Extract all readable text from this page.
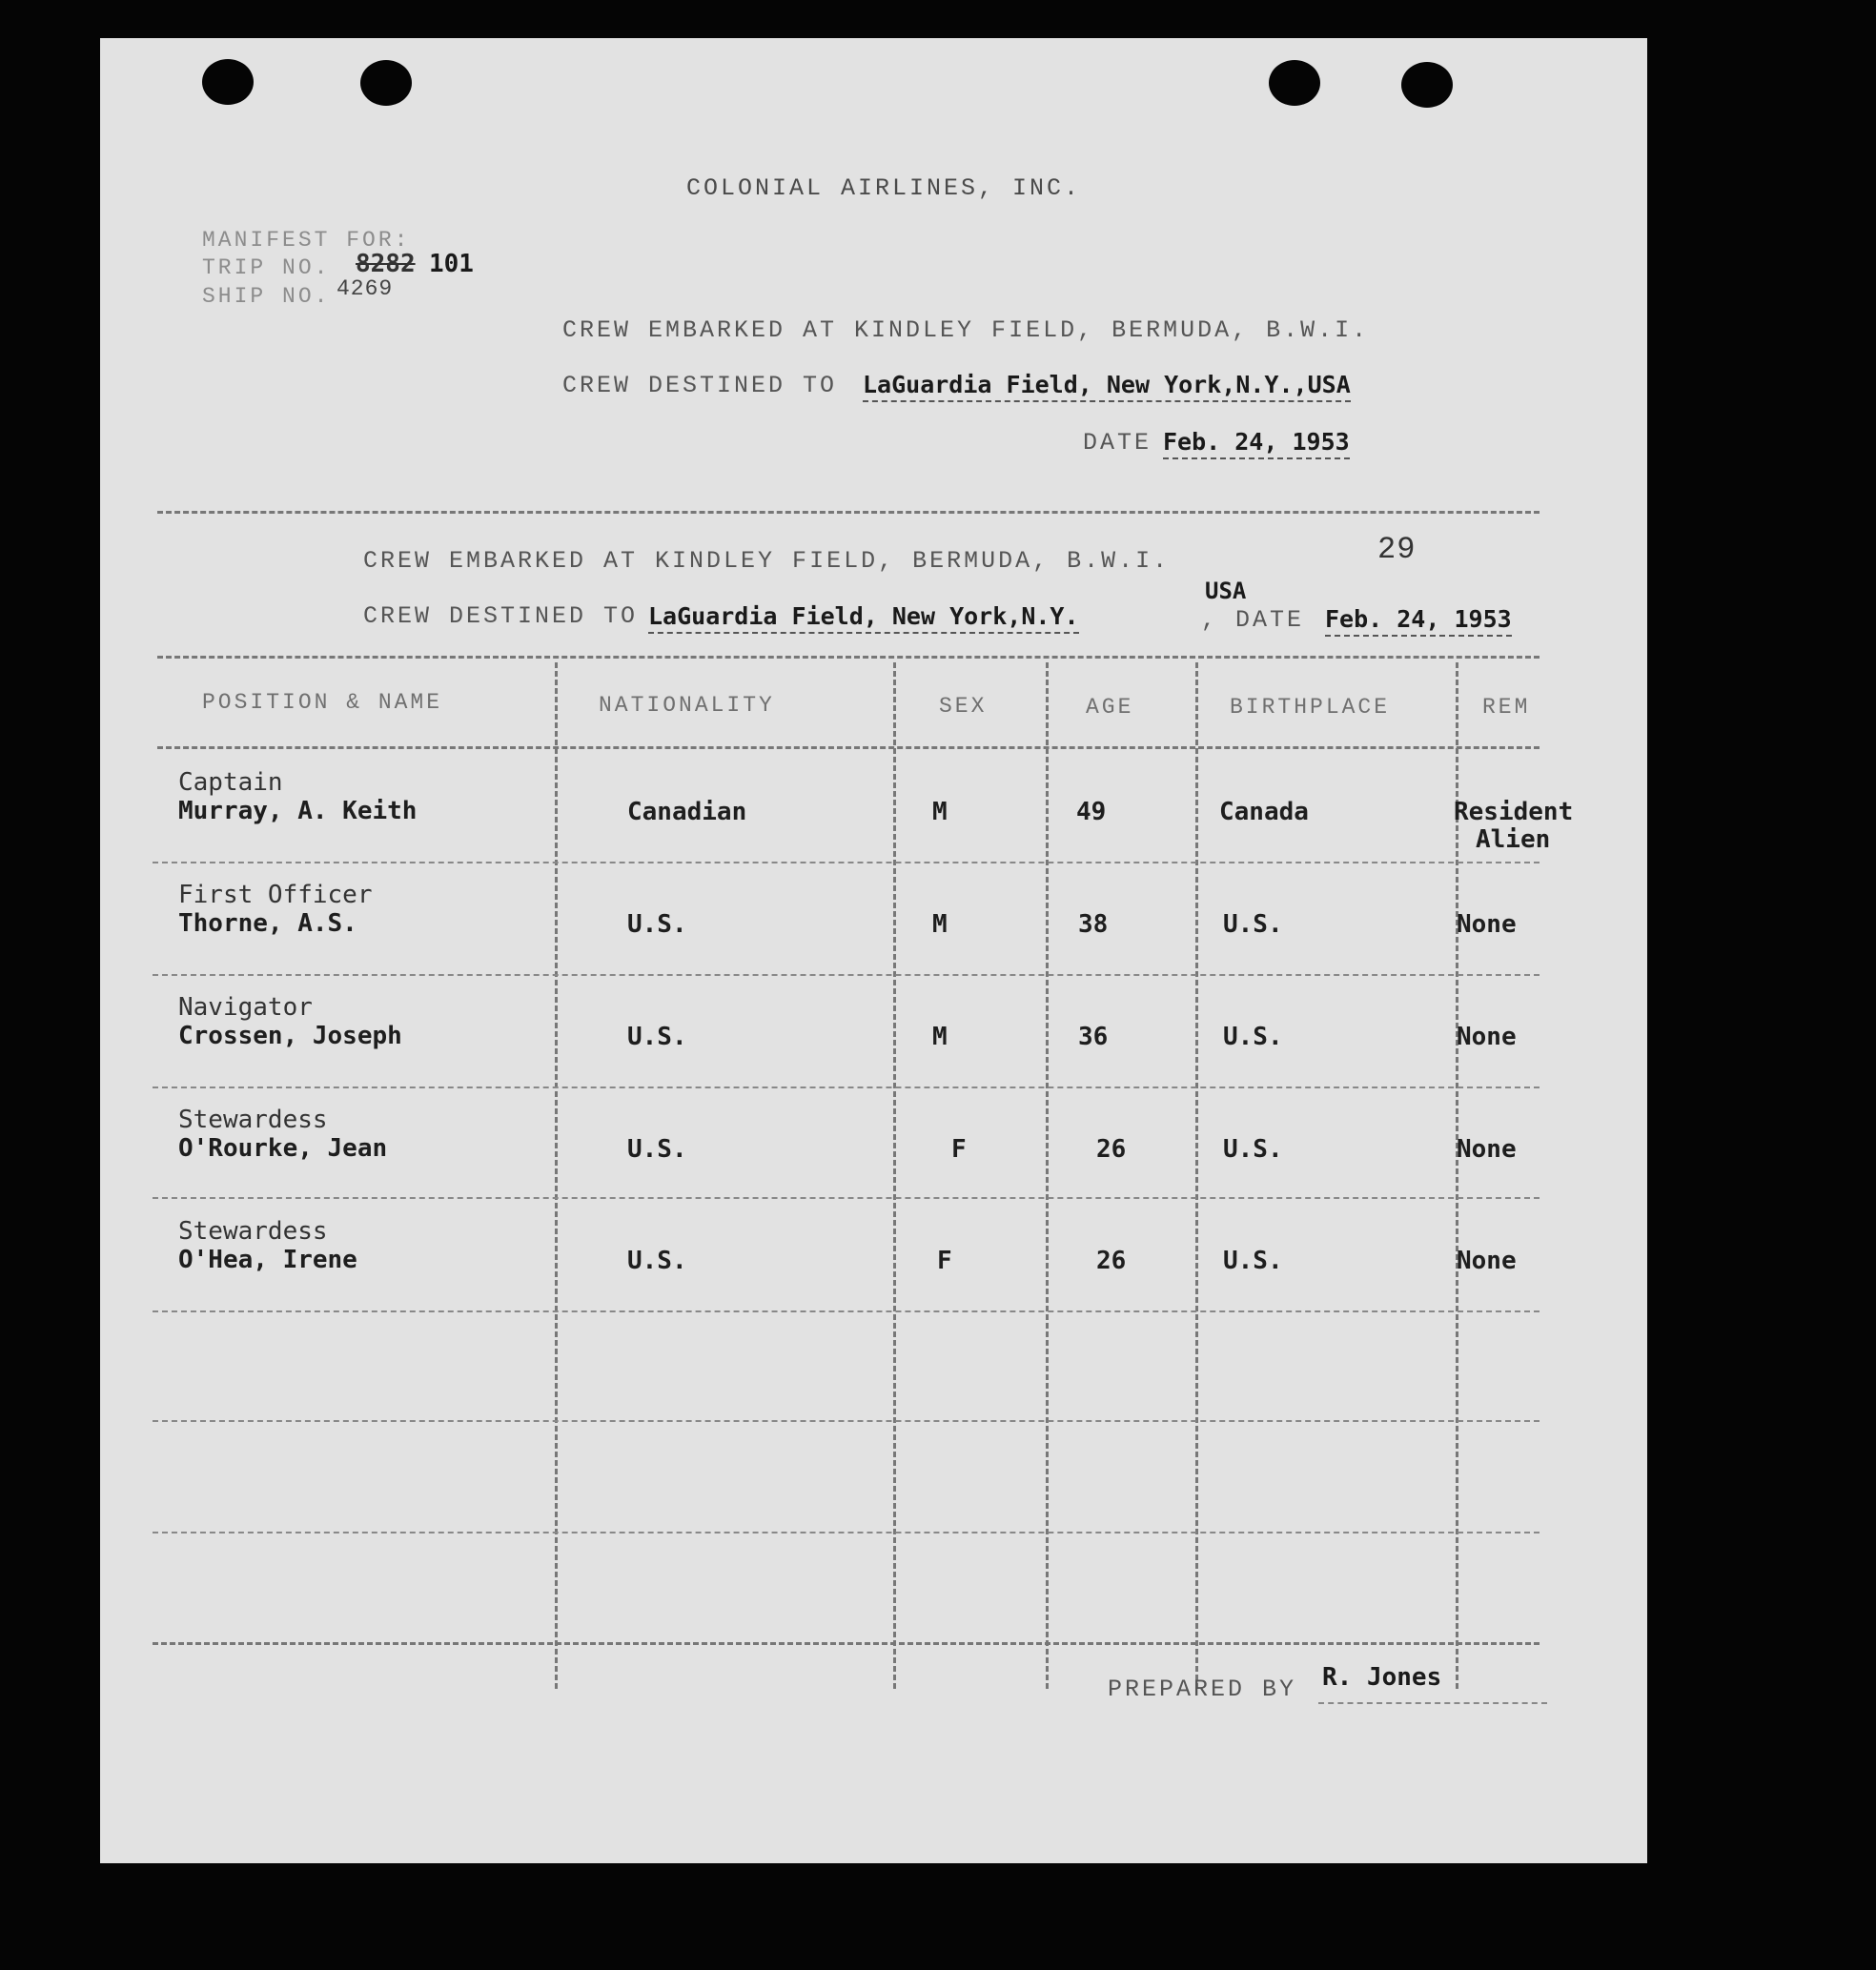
COLONIAL AIRLINES, INC.
MANIFEST FOR:
TRIP NO. 8282 101
SHIP NO. 4269
CREW EMBARKED AT KINDLEY FIELD, BERMUDA, B.W.I.
CREW DESTINED TO LaGuardia Field, New York,N.Y.,USA
DATE Feb. 24, 1953
29
CREW EMBARKED AT KINDLEY FIELD, BERMUDA, B.W.I.
CREW DESTINED TO LaGuardia Field, New York,N.Y.
USA
, DATE Feb. 24, 1953
POSITION & NAME	NATIONALITY	SEX	AGE	BIRTHPLACE	REM
Captain
Murray, A. Keith	Canadian	M	49	Canada	Resident
Alien
First Officer
Thorne, A.S.	U.S.	M	38	U.S.	None
Navigator
Crossen, Joseph	U.S.	M	36	U.S.	None
Stewardess
O'Rourke, Jean	U.S.	F	26	U.S.	None
Stewardess
O'Hea, Irene	U.S.	F	26	U.S.	None
PREPARED BY R. Jones
